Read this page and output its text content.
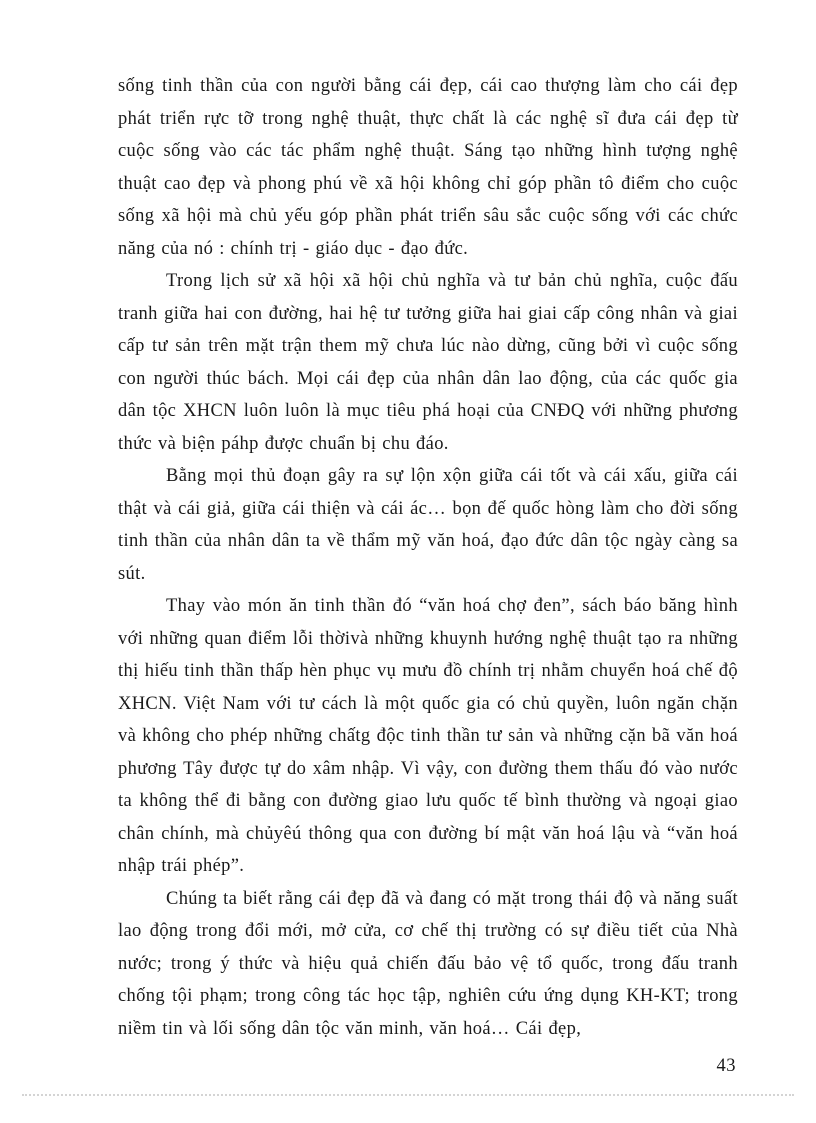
sống tinh thần của con người bằng cái đẹp, cái cao thượng làm cho cái đẹp phát triển rực tỡ trong nghệ thuật, thực chất là các nghệ sĩ đưa cái đẹp từ cuộc sống vào các tác phẩm nghệ thuật. Sáng tạo những hình tượng nghệ thuật cao đẹp và phong phú về xã hội không chỉ góp phần tô điểm cho cuộc sống xã hội mà chủ yếu góp phần phát triển sâu sắc cuộc sống với các chức năng của nó : chính trị - giáo dục - đạo đức.

Trong lịch sử xã hội xã hội chủ nghĩa và tư bản chủ nghĩa, cuộc đấu tranh giữa hai con đường, hai hệ tư tưởng giữa hai giai cấp công nhân và giai cấp tư sản trên mặt trận them mỹ chưa lúc nào dừng, cũng bởi vì cuộc sống con người thúc bách. Mọi cái đẹp của nhân dân lao động, của các quốc gia dân tộc XHCN luôn luôn là mục tiêu phá hoại của CNĐQ với những phương thức và biện páhp được chuẩn bị chu đáo.

Bằng mọi thủ đoạn gây ra sự lộn xộn giữa cái tốt và cái xấu, giữa cái thật và cái giả, giữa cái thiện và cái ác… bọn đế quốc hòng làm cho đời sống tinh thần của nhân dân ta về thẩm mỹ văn hoá, đạo đức dân tộc ngày càng sa sút.

Thay vào món ăn tinh thần đó “văn hoá chợ đen”, sách báo băng hình với những quan điểm lỗi thờivà những khuynh hướng nghệ thuật tạo ra những thị hiếu tinh thần thấp hèn phục vụ mưu đồ chính trị nhằm chuyển hoá chế độ XHCN. Việt Nam với tư cách là một quốc gia có chủ quyền, luôn ngăn chặn và không cho phép những chấtg độc tinh thần tư sản và những cặn bã văn hoá phương Tây được tự do xâm nhập. Vì vậy, con đường them thấu đó vào nước ta không thể đi bằng con đường giao lưu quốc tế bình thường và ngoại giao chân chính, mà chủyêú thông qua con đường bí mật văn hoá lậu và “văn hoá nhập trái phép”.

Chúng ta biết rằng cái đẹp đã và đang có mặt trong thái độ và năng suất lao động trong đổi mới, mở cửa, cơ chế thị trường có sự điều tiết của Nhà nước; trong ý thức và hiệu quả chiến đấu bảo vệ tổ quốc, trong đấu tranh chống tội phạm; trong công tác học tập, nghiên cứu ứng dụng KH-KT; trong niềm tin và lối sống dân tộc văn minh, văn hoá… Cái đẹp,

43
